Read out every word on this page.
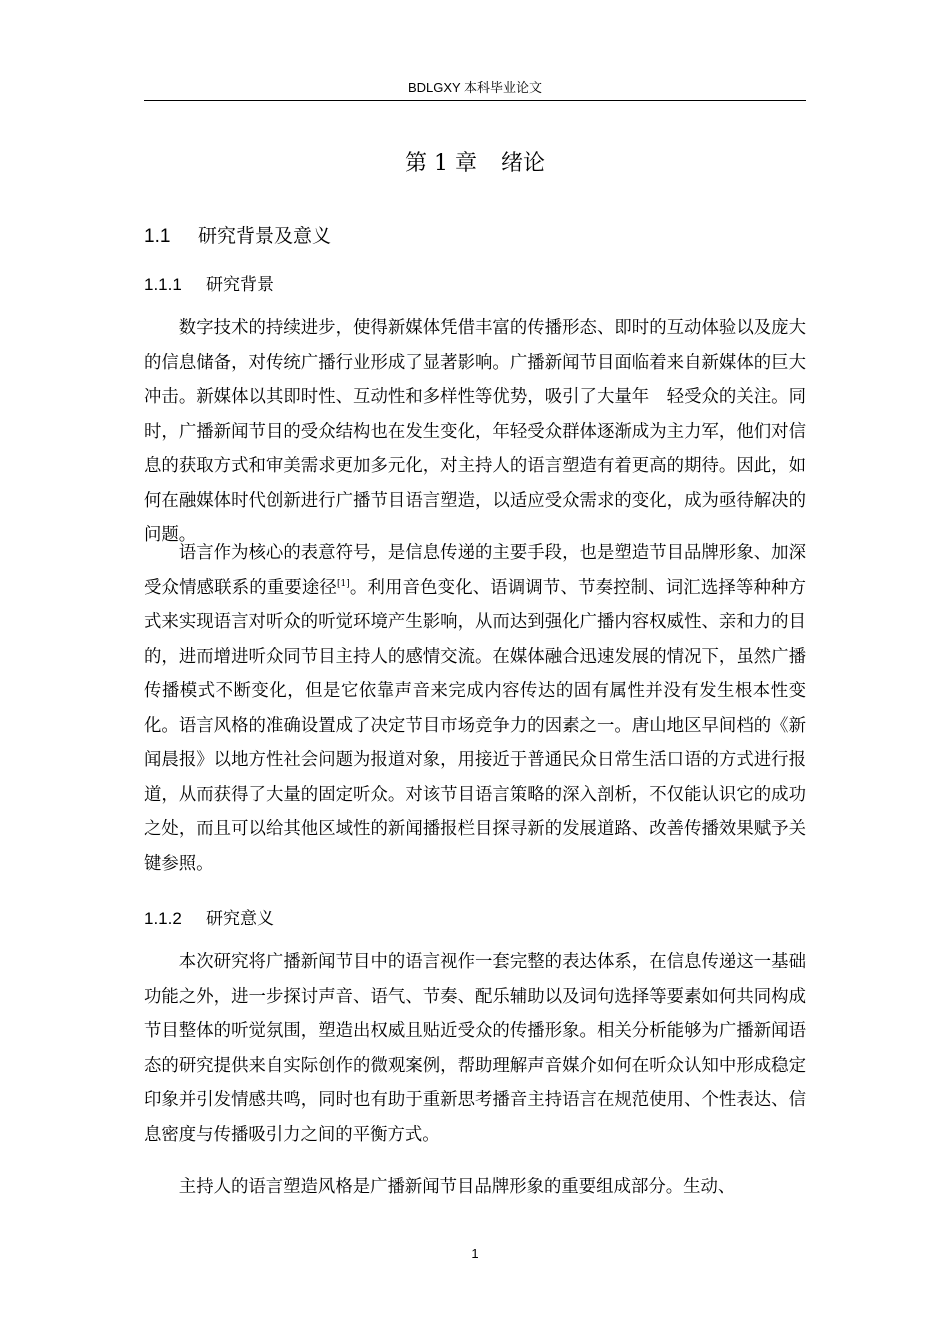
BDLGXY 本科毕业论文
第 1 章 绪论
1.1 研究背景及意义
1.1.1 研究背景

数字技术的持续进步，使得新媒体凭借丰富的传播形态、即时的互动体验以及庞大的信息储备，对传统广播行业形成了显著影响。广播新闻节目面临着来自新媒体的巨大冲击。新媒体以其即时性、互动性和多样性等优势，吸引了大量年　轻受众的关注。同时，广播新闻节目的受众结构也在发生变化，年轻受众群体逐渐成为主力军，他们对信息的获取方式和审美需求更加多元化，对主持人的语言塑造有着更高的期待。因此，如何在融媒体时代创新进行广播节目语言塑造，以适应受众需求的变化，成为亟待解决的问题。

语言作为核心的表意符号，是信息传递的主要手段，也是塑造节目品牌形象、加深受众情感联系的重要途径[1]。利用音色变化、语调调节、节奏控制、词汇选择等种种方式来实现语言对听众的听觉环境产生影响，从而达到强化广播内容权威性、亲和力的目的，进而增进听众同节目主持人的感情交流。在媒体融合迅速发展的情况下，虽然广播传播模式不断变化，但是它依靠声音来完成内容传达的固有属性并没有发生根本性变化。语言风格的准确设置成了决定节目市场竞争力的因素之一。唐山地区早间档的《新闻晨报》以地方性社会问题为报道对象，用接近于普通民众日常生活口语的方式进行报道，从而获得了大量的固定听众。对该节目语言策略的深入剖析，不仅能认识它的成功之处，而且可以给其他区域性的新闻播报栏目探寻新的发展道路、改善传播效果赋予关键参照。

1.1.2 研究意义

本次研究将广播新闻节目中的语言视作一套完整的表达体系，在信息传递这一基础功能之外，进一步探讨声音、语气、节奏、配乐辅助以及词句选择等要素如何共同构成节目整体的听觉氛围，塑造出权威且贴近受众的传播形象。相关分析能够为广播新闻语态的研究提供来自实际创作的微观案例，帮助理解声音媒介如何在听众认知中形成稳定印象并引发情感共鸣，同时也有助于重新思考播音主持语言在规范使用、个性表达、信息密度与传播吸引力之间的平衡方式。

主持人的语言塑造风格是广播新闻节目品牌形象的重要组成部分。生动、

1
